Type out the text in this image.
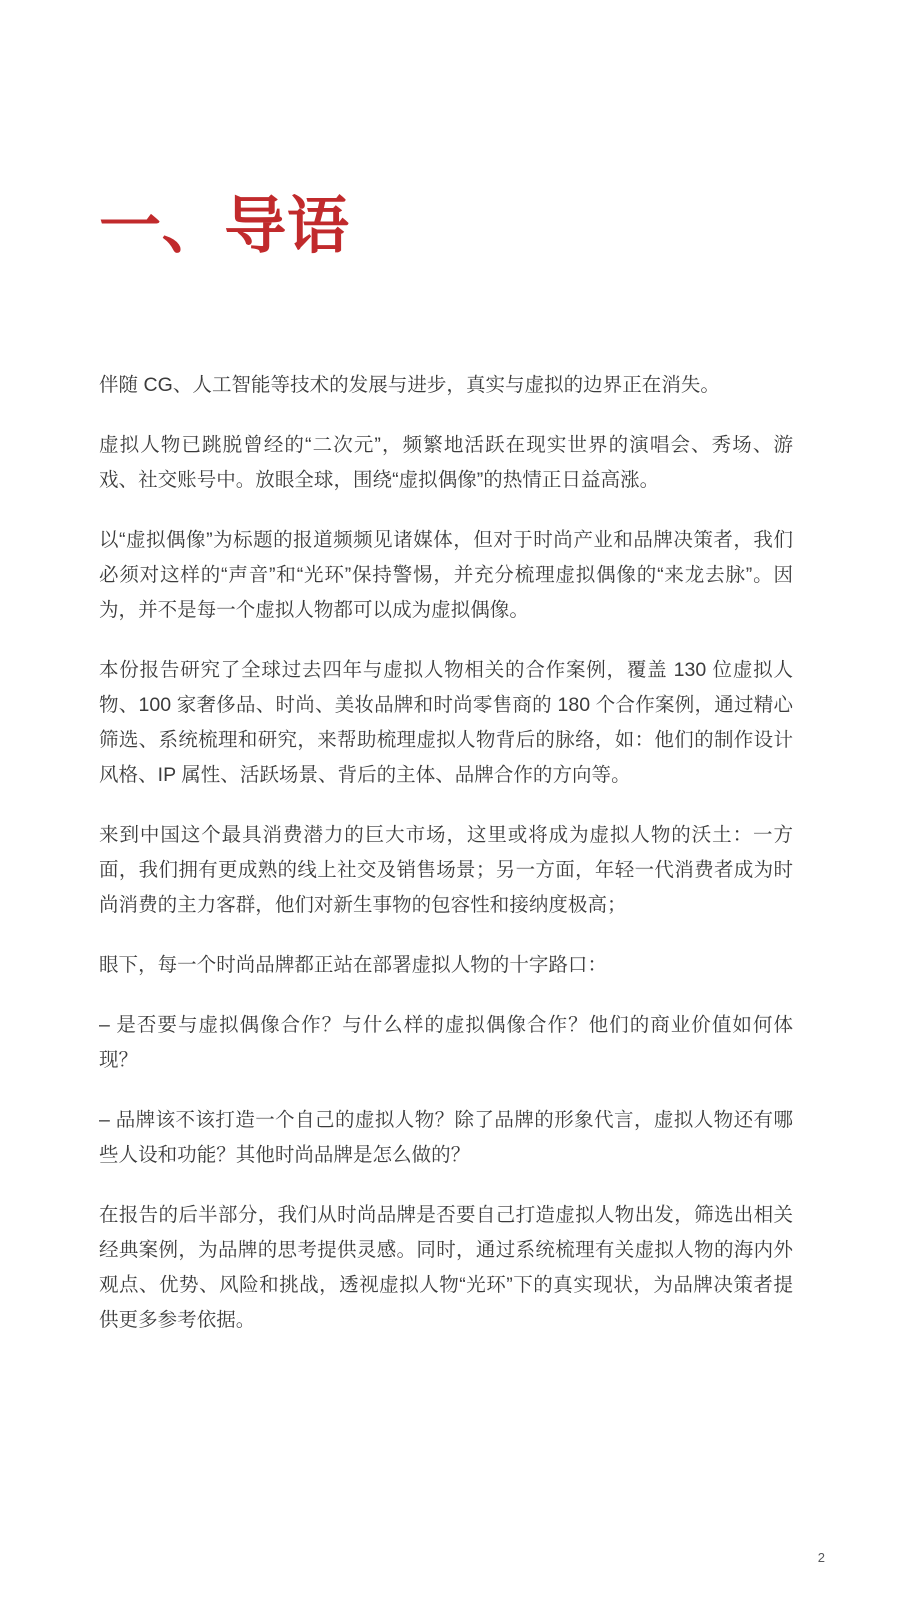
一、导语

伴随 CG、人工智能等技术的发展与进步，真实与虚拟的边界正在消失。

虚拟人物已跳脱曾经的“二次元”，频繁地活跃在现实世界的演唱会、秀场、游戏、社交账号中。放眼全球，围绕“虚拟偶像”的热情正日益高涨。

以“虚拟偶像”为标题的报道频频见诸媒体，但对于时尚产业和品牌决策者，我们必须对这样的“声音”和“光环”保持警惕，并充分梳理虚拟偶像的“来龙去脉”。因为，并不是每一个虚拟人物都可以成为虚拟偶像。

本份报告研究了全球过去四年与虚拟人物相关的合作案例，覆盖 130 位虚拟人物、100 家奢侈品、时尚、美妆品牌和时尚零售商的 180 个合作案例，通过精心筛选、系统梳理和研究，来帮助梳理虚拟人物背后的脉络，如：他们的制作设计风格、IP 属性、活跃场景、背后的主体、品牌合作的方向等。

来到中国这个最具消费潜力的巨大市场，这里或将成为虚拟人物的沃土：一方面，我们拥有更成熟的线上社交及销售场景；另一方面，年轻一代消费者成为时尚消费的主力客群，他们对新生事物的包容性和接纳度极高；

眼下，每一个时尚品牌都正站在部署虚拟人物的十字路口：

– 是否要与虚拟偶像合作？与什么样的虚拟偶像合作？他们的商业价值如何体现？

– 品牌该不该打造一个自己的虚拟人物？除了品牌的形象代言，虚拟人物还有哪些人设和功能？其他时尚品牌是怎么做的？

在报告的后半部分，我们从时尚品牌是否要自己打造虚拟人物出发，筛选出相关经典案例，为品牌的思考提供灵感。同时，通过系统梳理有关虚拟人物的海内外观点、优势、风险和挑战，透视虚拟人物“光环”下的真实现状，为品牌决策者提供更多参考依据。

2
